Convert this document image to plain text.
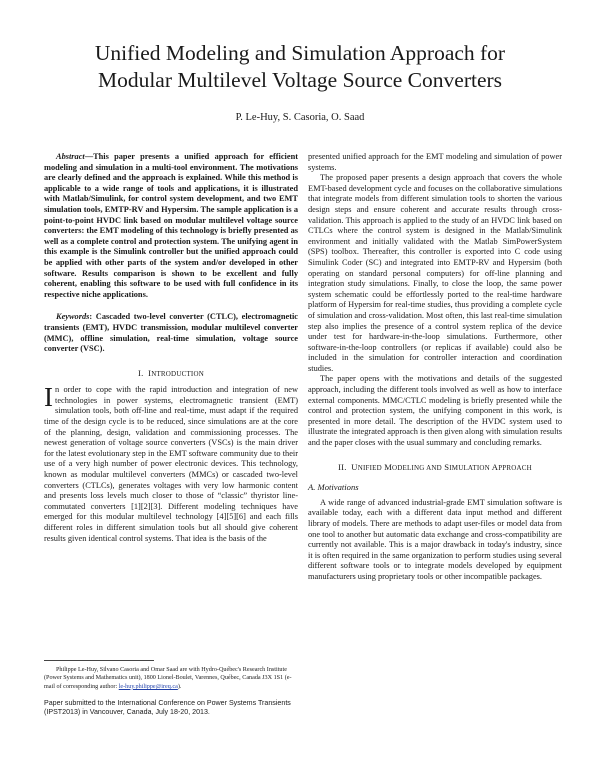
Unified Modeling and Simulation Approach for
Modular Multilevel Voltage Source Converters

P. Le-Huy, S. Casoria, O. Saad

Abstract—This paper presents a unified approach for efficient modeling and simulation in a multi-tool environment. The motivations are clearly defined and the approach is explained. While this method is applicable to a wide range of tools and applications, it is illustrated with Matlab/Simulink, for control system development, and two EMT simulation tools, EMTP-RV and Hypersim. The sample application is a point-to-point HVDC link based on modular multilevel voltage source converters: the EMT modeling of this technology is briefly presented as well as a complete control and protection system. The unifying agent in this example is the Simulink controller but the unified approach could be applied with other parts of the system and/or developed in other software. Results comparison is shown to be excellent and fully coherent, enabling this software to be used with full confidence in its respective niche applications.

Keywords: Cascaded two-level converter (CTLC), electromagnetic transients (EMT), HVDC transmission, modular multilevel converter (MMC), offline simulation, real-time simulation, voltage source converter (VSC).

I. INTRODUCTION

In order to cope with the rapid introduction and integration of new technologies in power systems, electromagnetic transient (EMT) simulation tools, both off-line and real-time, must adapt if the required time of the design cycle is to be reduced, since simulations are at the core of the planning, design, validation and commissioning processes. The newest generation of voltage source converters (VSCs) is the main driver for the latest evolutionary step in the EMT software community due to their use of a very high number of power electronic devices. This technology, known as modular multilevel converters (MMCs) or cascaded two-level converters (CTLCs), generates voltages with very low harmonic content and presents loss levels much closer to those of “classic” thyristor line-commutated converters [1][2][3]. Different modeling techniques have emerged for this modular multilevel technology [4][5][6] and each fills different roles in different simulation tools but all should give coherent results given identical control systems. That idea is the basis of the

Philippe Le-Huy, Silvano Casoria and Omar Saad are with Hydro-Québec's Research Institute (Power Systems and Mathematics unit), 1800 Lionel-Boulet, Varennes, Québec, Canada J3X 1S1 (e-mail of corresponding author: le-huy.philippe@ireq.ca).

Paper submitted to the International Conference on Power Systems Transients (IPST2013) in Vancouver, Canada, July 18-20, 2013.

presented unified approach for the EMT modeling and simulation of power systems.

The proposed paper presents a design approach that covers the whole EMT-based development cycle and focuses on the collaborative simulations that integrate models from different simulation tools to shorten the various design steps and ensure coherent and accurate results through cross-validation. This approach is applied to the study of an HVDC link based on CTLCs where the control system is designed in the Matlab/Simulink environment and initially validated with the Matlab SimPowerSystem (SPS) toolbox. Thereafter, this controller is exported into C code using Simulink Coder (SC) and integrated into EMTP-RV and Hypersim (both operating on standard personal computers) for off-line planning and integration study simulations. Finally, to close the loop, the same power system schematic could be effortlessly ported to the real-time hardware platform of Hypersim for real-time studies, thus providing a complete cycle of simulation and cross-validation. Most often, this last real-time simulation step also implies the presence of a control system replica of the device under test for hardware-in-the-loop simulations. Furthermore, other software-in-the-loop controllers (or replicas if available) could also be included in the simulation for controller interaction and coordination studies.

The paper opens with the motivations and details of the suggested approach, including the different tools involved as well as how to interface external components. MMC/CTLC modeling is briefly presented while the control and protection system, the unifying component in this work, is presented in more detail. The description of the HVDC system used to illustrate the integrated approach is then given along with simulation results and the paper closes with the usual summary and concluding remarks.

II. UNIFIED MODELING AND SIMULATION APPROACH

A. Motivations

A wide range of advanced industrial-grade EMT simulation software is available today, each with a different data input method and different library of models. There are methods to adapt user-files or model data from one tool to another but automatic data exchange and cross-compatibility are currently not available. This is a major drawback in today's industry, since it is often required in the same organization to perform studies using several different software tools or to integrate models developed by equipment manufacturers using proprietary tools or other incompatible packages.
